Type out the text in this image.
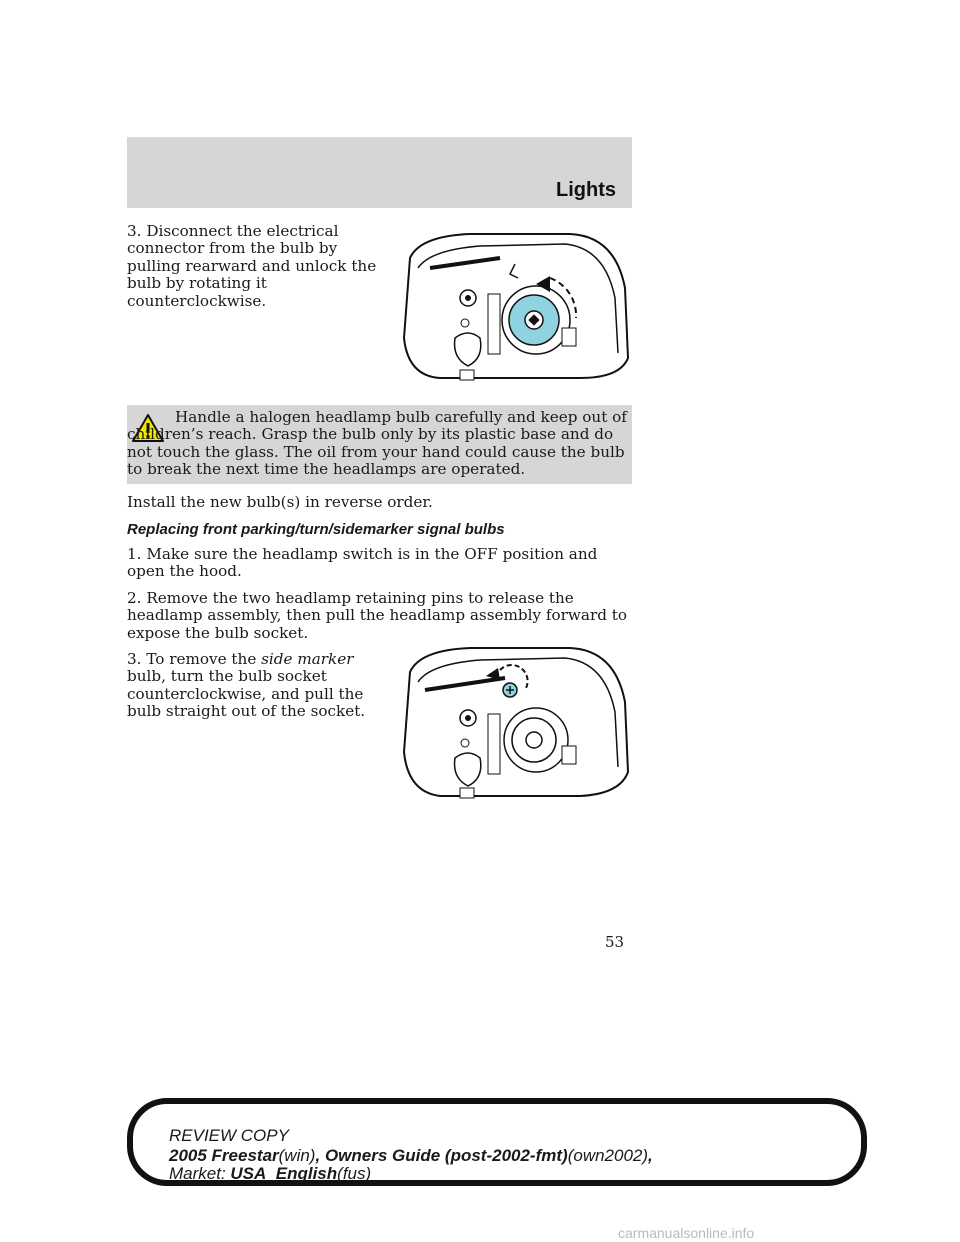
Lights

3. Disconnect the electrical connector from the bulb by pulling rearward and unlock the bulb by rotating it counterclockwise.

Handle a halogen headlamp bulb carefully and keep out of children’s reach. Grasp the bulb only by its plastic base and do not touch the glass. The oil from your hand could cause the bulb to break the next time the headlamps are operated.

Install the new bulb(s) in reverse order.

Replacing front parking/turn/sidemarker signal bulbs

1. Make sure the headlamp switch is in the OFF position and open the hood.

2. Remove the two headlamp retaining pins to release the headlamp assembly, then pull the headlamp assembly forward to expose the bulb socket.

3. To remove the side marker bulb, turn the bulb socket counterclockwise, and pull the bulb straight out of the socket.

53
REVIEW COPY
2005 Freestar(win), Owners Guide (post-2002-fmt)(own2002),
Market: USA_English(fus)
carmanualsonline.info
